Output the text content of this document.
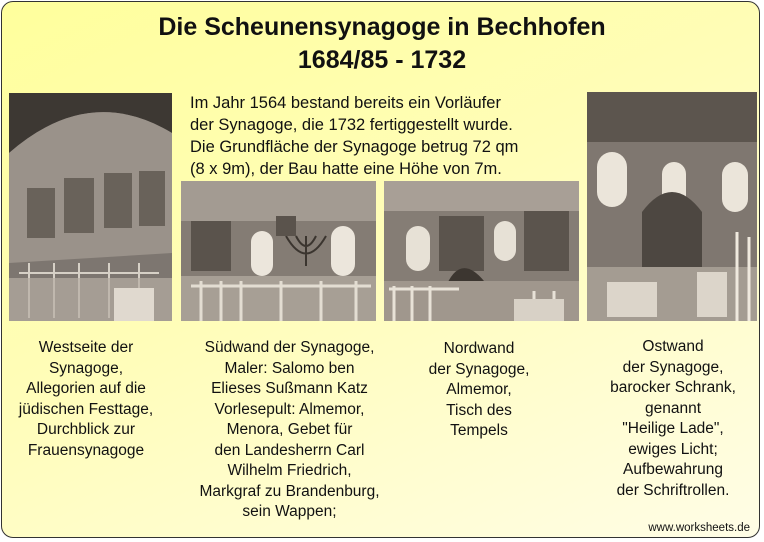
Die Scheunensynagoge in Bechhofen
1684/85 - 1732
Im Jahr 1564 bestand bereits ein Vorläufer
der Synagoge, die 1732 fertiggestellt wurde.
Die Grundfläche der Synagoge betrug 72 qm
(8 x 9m), der Bau hatte eine Höhe von 7m.
Westseite der
Synagoge,
Allegorien auf die
jüdischen Festtage,
Durchblick zur
Frauensynagoge
Südwand der Synagoge,
Maler: Salomo ben
Elieses Sußmann Katz
Vorlesepult: Almemor,
Menora, Gebet für
den Landesherrn Carl
Wilhelm Friedrich,
Markgraf zu Brandenburg,
sein Wappen;
Nordwand
der Synagoge,
Almemor,
Tisch des
Tempels
Ostwand
der Synagoge,
barocker Schrank,
genannt
"Heilige Lade",
ewiges Licht;
Aufbewahrung
der Schriftrollen.
www.worksheets.de
